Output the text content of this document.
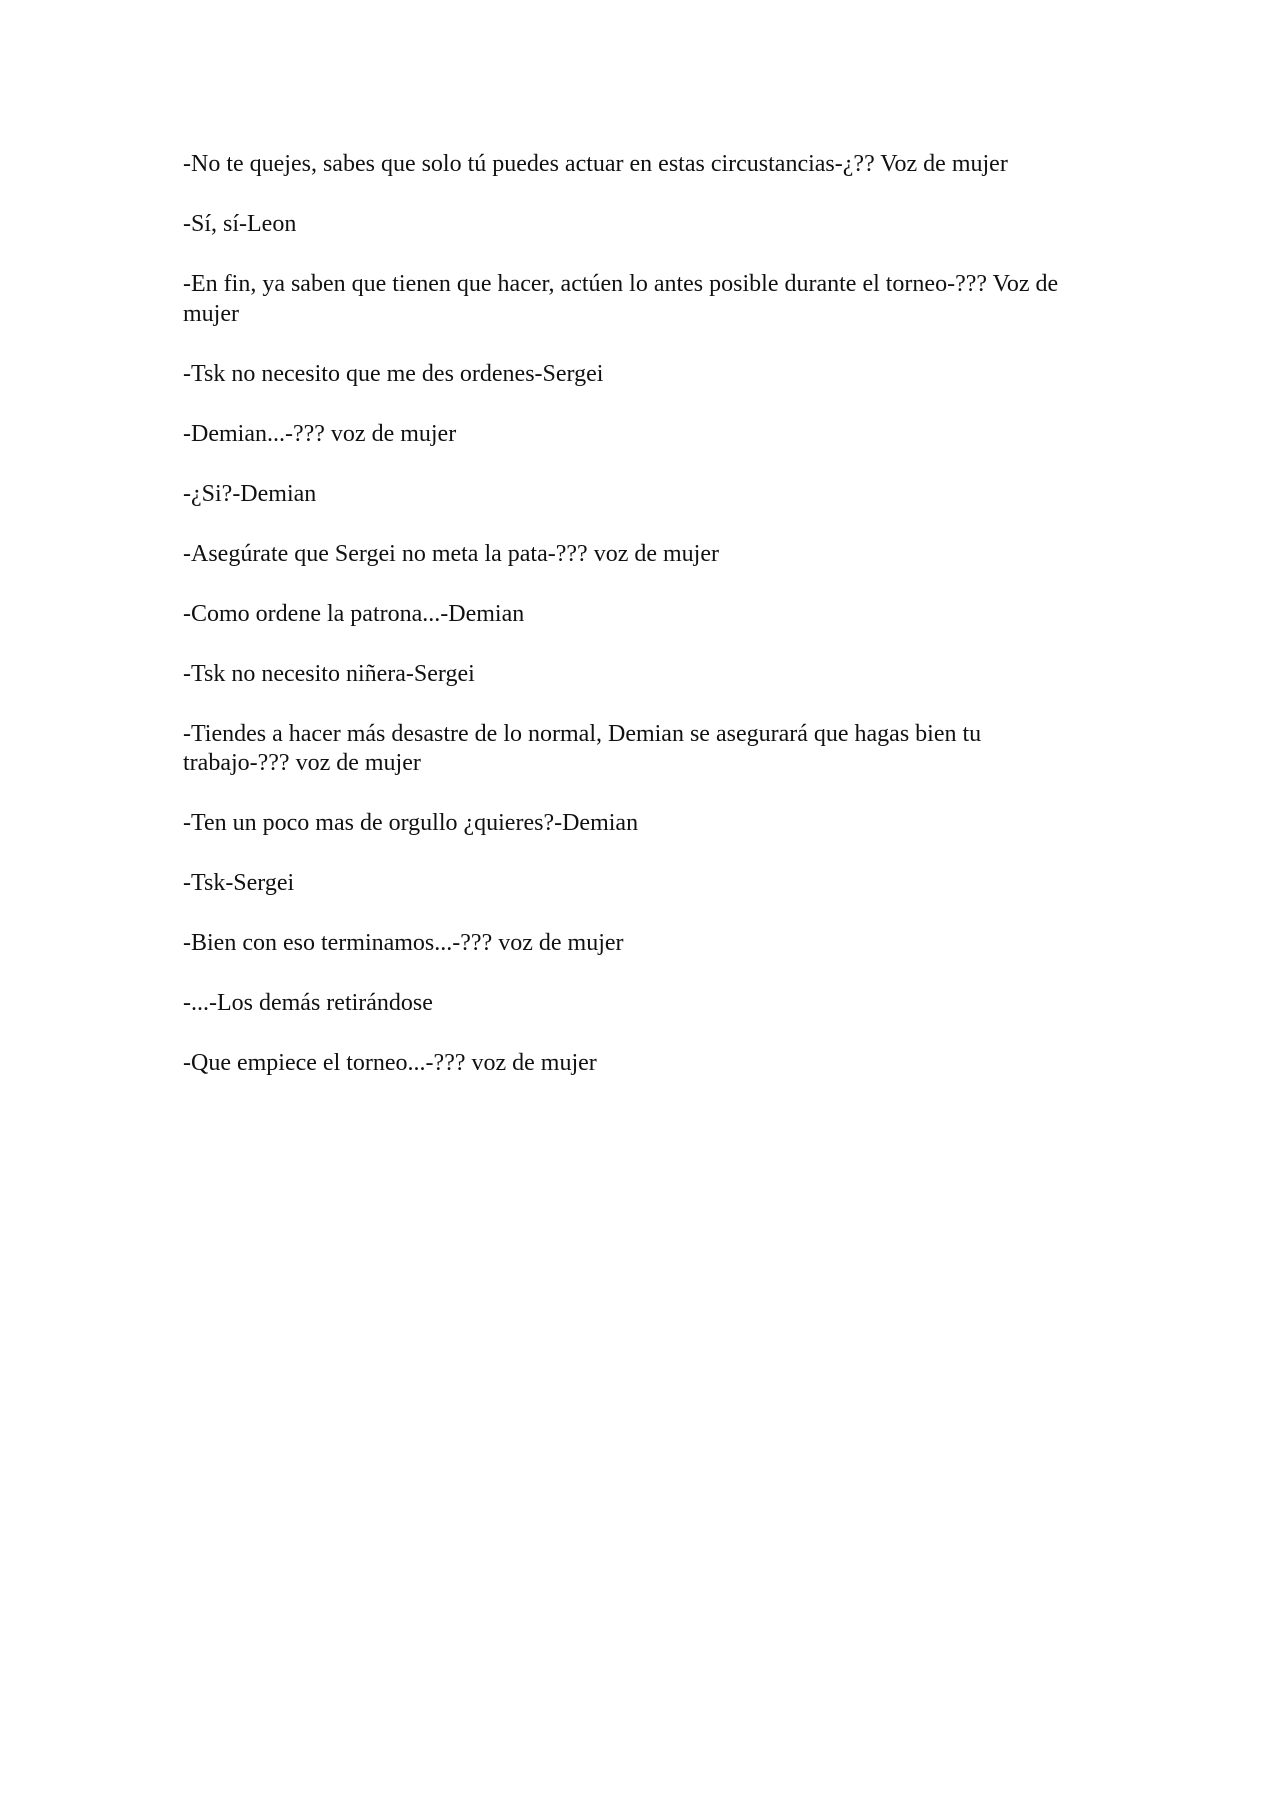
-No te quejes, sabes que solo tú puedes actuar en estas circustancias-¿?? Voz de mujer

-Sí, sí-Leon

-En fin, ya saben que tienen que hacer, actúen lo antes posible durante el torneo-??? Voz de mujer

-Tsk no necesito que me des ordenes-Sergei

-Demian...-??? voz de mujer

-¿Si?-Demian

-Asegúrate que Sergei no meta la pata-??? voz de mujer

-Como ordene la patrona...-Demian

-Tsk no necesito niñera-Sergei

-Tiendes a hacer más desastre de lo normal, Demian se asegurará que hagas bien tu trabajo-??? voz de mujer

-Ten un poco mas de orgullo ¿quieres?-Demian

-Tsk-Sergei

-Bien con eso terminamos...-??? voz de mujer

-...-Los demás retirándose

-Que empiece el torneo...-??? voz de mujer
